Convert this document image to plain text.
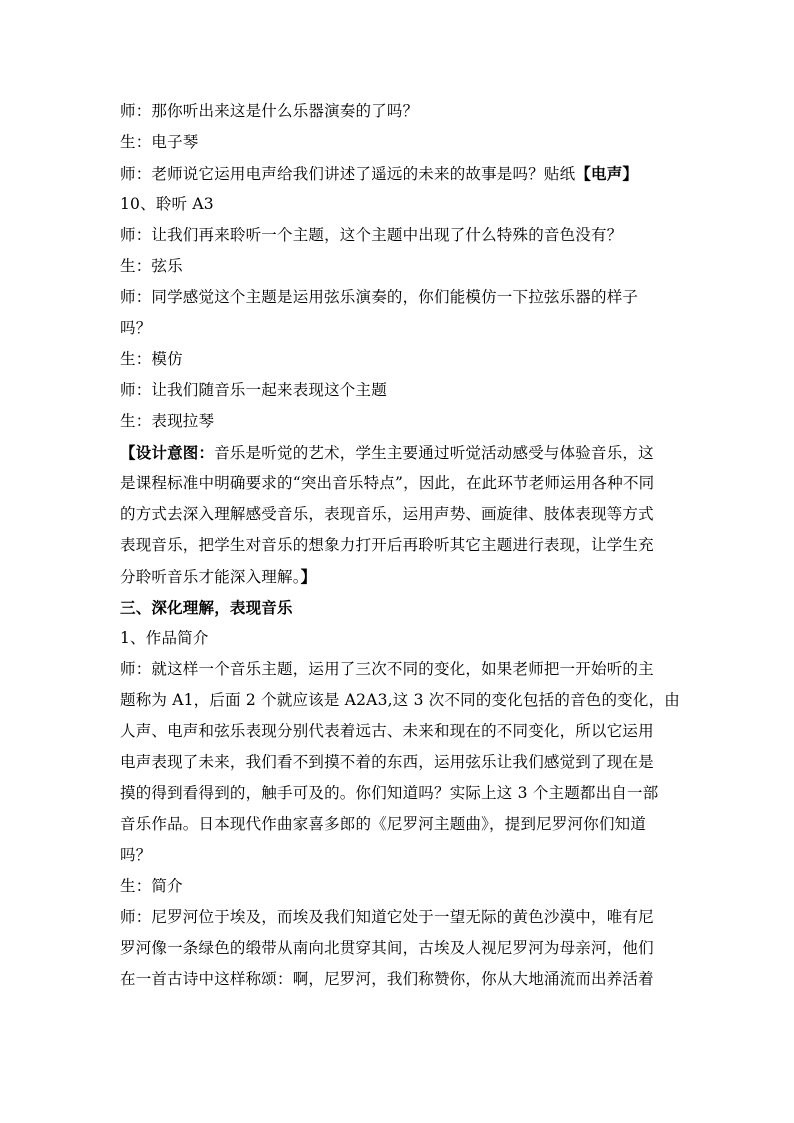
师：那你听出来这是什么乐器演奏的了吗？
生：电子琴
师：老师说它运用电声给我们讲述了遥远的未来的故事是吗？贴纸【电声】
10、聆听 A3
师：让我们再来聆听一个主题，这个主题中出现了什么特殊的音色没有？
生：弦乐
师：同学感觉这个主题是运用弦乐演奏的，你们能模仿一下拉弦乐器的样子
吗？
生：模仿
师：让我们随音乐一起来表现这个主题
生：表现拉琴
【设计意图：音乐是听觉的艺术，学生主要通过听觉活动感受与体验音乐，这
是课程标准中明确要求的“突出音乐特点”，因此，在此环节老师运用各种不同
的方式去深入理解感受音乐，表现音乐，运用声势、画旋律、肢体表现等方式
表现音乐，把学生对音乐的想象力打开后再聆听其它主题进行表现，让学生充
分聆听音乐才能深入理解。】
三、深化理解，表现音乐
1、作品简介
师：就这样一个音乐主题，运用了三次不同的变化，如果老师把一开始听的主
题称为 A1，后面 2 个就应该是 A2A3,这 3 次不同的变化包括的音色的变化，由
人声、电声和弦乐表现分别代表着远古、未来和现在的不同变化，所以它运用
电声表现了未来，我们看不到摸不着的东西，运用弦乐让我们感觉到了现在是
摸的得到看得到的，触手可及的。你们知道吗？实际上这 3 个主题都出自一部
音乐作品。日本现代作曲家喜多郎的《尼罗河主题曲》，提到尼罗河你们知道
吗？
生：简介
师：尼罗河位于埃及，而埃及我们知道它处于一望无际的黄色沙漠中，唯有尼
罗河像一条绿色的缎带从南向北贯穿其间，古埃及人视尼罗河为母亲河，他们
在一首古诗中这样称颂：啊，尼罗河，我们称赞你，你从大地涌流而出养活着
